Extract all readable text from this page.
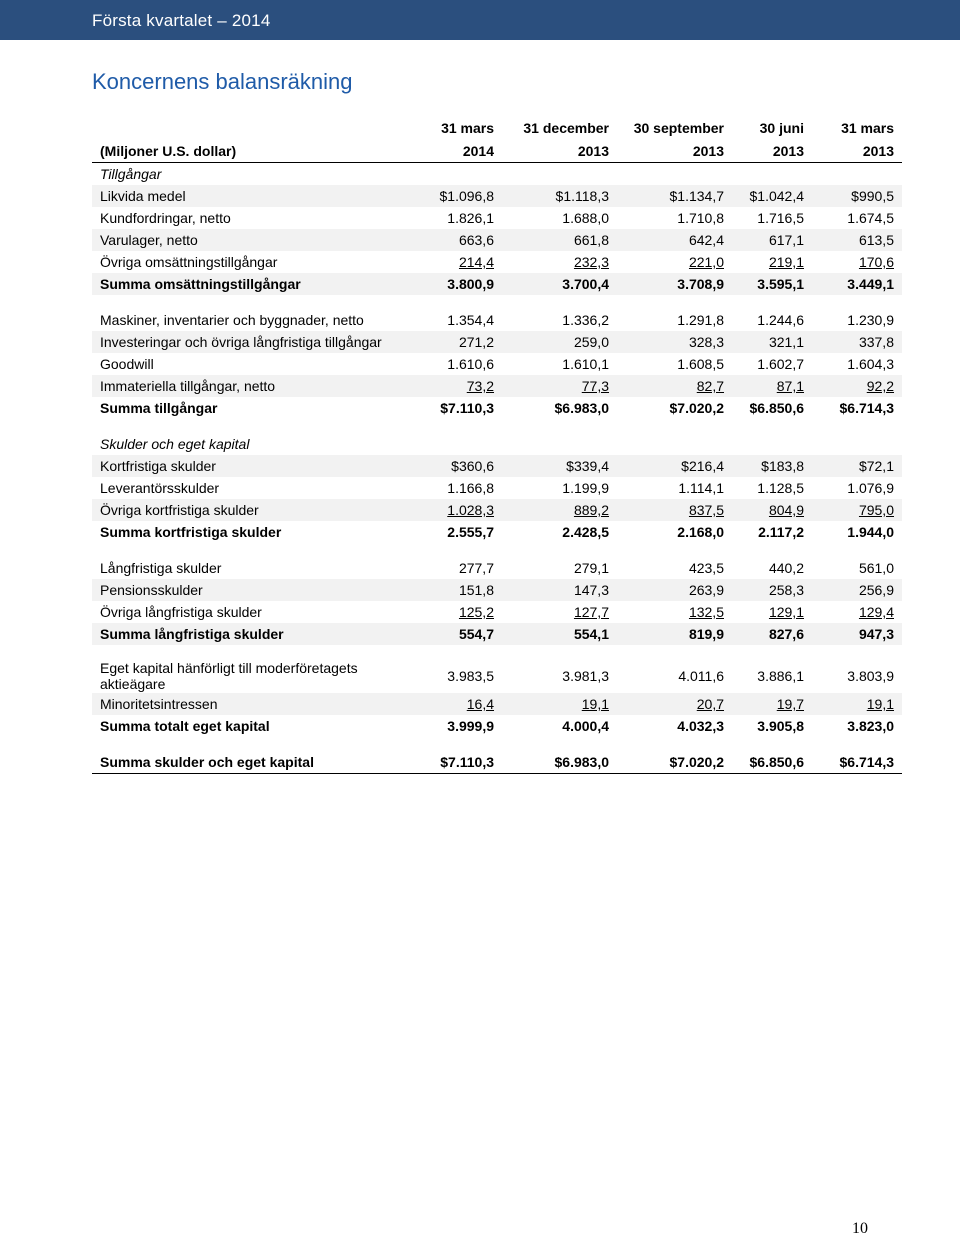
Första kvartalet – 2014
Koncernens balansräkning
	31 mars	31 december	30 september	30 juni	31 mars
(Miljoner U.S. dollar)	2014	2013	2013	2013	2013
Tillgångar					
Likvida medel	$1.096,8	$1.118,3	$1.134,7	$1.042,4	$990,5
Kundfordringar, netto	1.826,1	1.688,0	1.710,8	1.716,5	1.674,5
Varulager, netto	663,6	661,8	642,4	617,1	613,5
Övriga omsättningstillgångar	214,4	232,3	221,0	219,1	170,6
Summa omsättningstillgångar	3.800,9	3.700,4	3.708,9	3.595,1	3.449,1

Maskiner, inventarier och byggnader, netto	1.354,4	1.336,2	1.291,8	1.244,6	1.230,9
Investeringar och övriga långfristiga tillgångar	271,2	259,0	328,3	321,1	337,8
Goodwill	1.610,6	1.610,1	1.608,5	1.602,7	1.604,3
Immateriella tillgångar, netto	73,2	77,3	82,7	87,1	92,2
Summa tillgångar	$7.110,3	$6.983,0	$7.020,2	$6.850,6	$6.714,3

Skulder och eget kapital					
Kortfristiga skulder	$360,6	$339,4	$216,4	$183,8	$72,1
Leverantörsskulder	1.166,8	1.199,9	1.114,1	1.128,5	1.076,9
Övriga kortfristiga skulder	1.028,3	889,2	837,5	804,9	795,0
Summa kortfristiga skulder	2.555,7	2.428,5	2.168,0	2.117,2	1.944,0

Långfristiga skulder	277,7	279,1	423,5	440,2	561,0
Pensionsskulder	151,8	147,3	263,9	258,3	256,9
Övriga långfristiga skulder	125,2	127,7	132,5	129,1	129,4
Summa långfristiga skulder	554,7	554,1	819,9	827,6	947,3

Eget kapital hänförligt till moderföretagets aktieägare	3.983,5	3.981,3	4.011,6	3.886,1	3.803,9
Minoritetsintressen	16,4	19,1	20,7	19,7	19,1
Summa totalt eget kapital	3.999,9	4.000,4	4.032,3	3.905,8	3.823,0

Summa skulder och eget kapital	$7.110,3	$6.983,0	$7.020,2	$6.850,6	$6.714,3
10
